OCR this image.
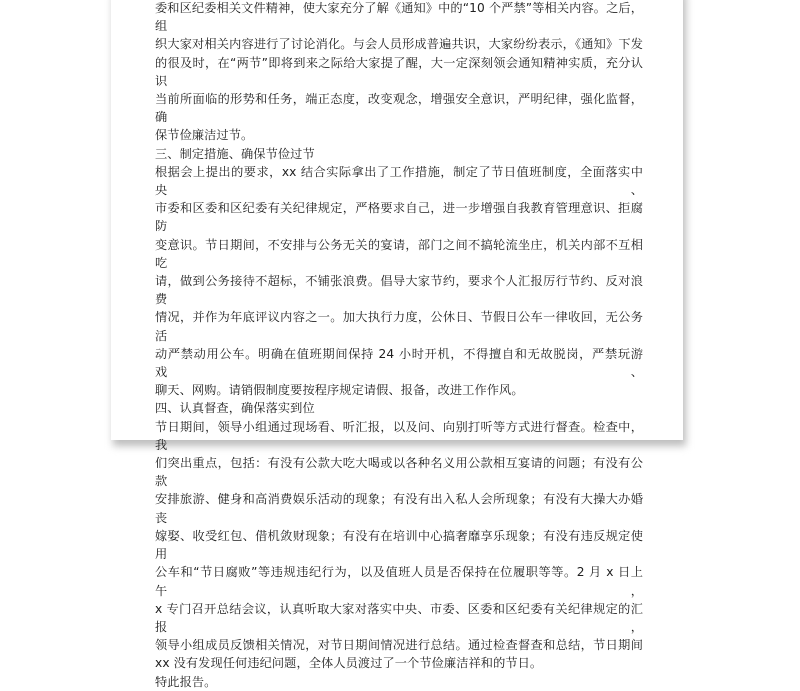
委和区纪委相关文件精神，使大家充分了解《通知》中的“10 个严禁”等相关内容。之后，组
织大家对相关内容进行了讨论消化。与会人员形成普遍共识，大家纷纷表示，《通知》下发
的很及时，在“两节”即将到来之际给大家提了醒，大一定深刻领会通知精神实质，充分认识
当前所面临的形势和任务，端正态度，改变观念，增强安全意识，严明纪律，强化监督，确
保节俭廉洁过节。
三、制定措施、确保节俭过节
根据会上提出的要求，xx 结合实际拿出了工作措施，制定了节日值班制度，全面落实中央、
市委和区委和区纪委有关纪律规定，严格要求自己，进一步增强自我教育管理意识、拒腐防
变意识。节日期间，不安排与公务无关的宴请，部门之间不搞轮流坐庄，机关内部不互相吃
请，做到公务接待不超标，不铺张浪费。倡导大家节约，要求个人汇报厉行节约、反对浪费
情况，并作为年底评议内容之一。加大执行力度，公休日、节假日公车一律收回，无公务活
动严禁动用公车。明确在值班期间保持 24 小时开机，不得擅自和无故脱岗，严禁玩游戏、
聊天、网购。请销假制度要按程序规定请假、报备，改进工作作风。
四、认真督查，确保落实到位
节日期间，领导小组通过现场看、听汇报，以及问、向别打听等方式进行督查。检查中，我
们突出重点，包括：有没有公款大吃大喝或以各种名义用公款相互宴请的问题；有没有公款
安排旅游、健身和高消费娱乐活动的现象；有没有出入私人会所现象；有没有大操大办婚丧
嫁娶、收受红包、借机敛财现象；有没有在培训中心搞奢靡享乐现象；有没有违反规定使用
公车和“节日腐败”等违规违纪行为，以及值班人员是否保持在位履职等等。2 月 x 日上午，
x 专门召开总结会议，认真听取大家对落实中央、市委、区委和区纪委有关纪律规定的汇报，
领导小组成员反馈相关情况，对节日期间情况进行总结。通过检查督查和总结，节日期间
xx 没有发现任何违纪问题，全体人员渡过了一个节俭廉洁祥和的节日。
特此报告。
